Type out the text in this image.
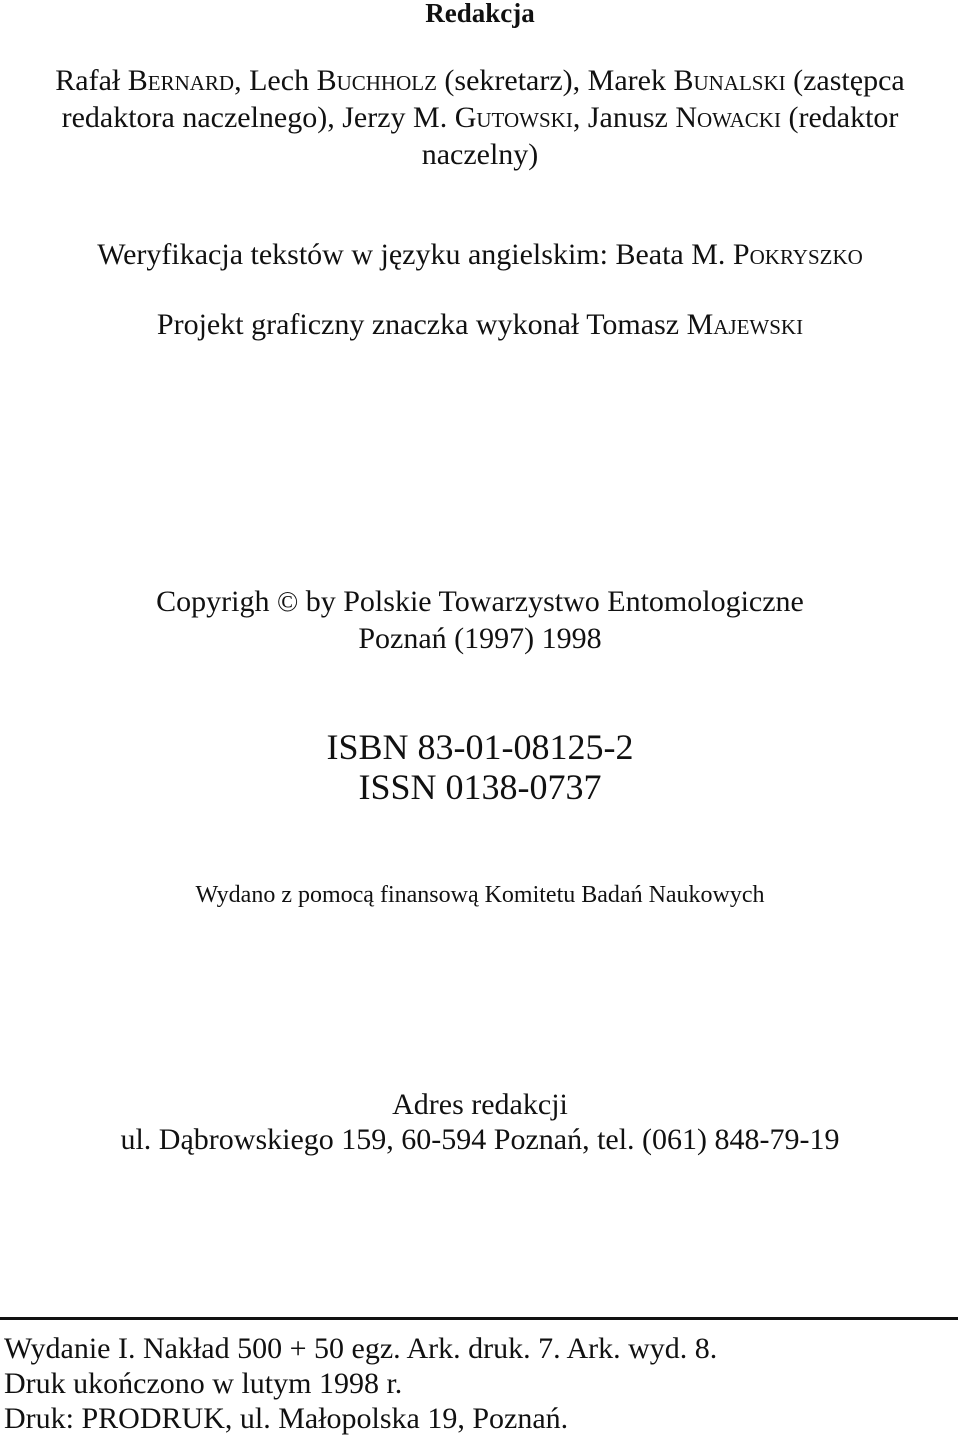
Redakcja

Rafał Bernard, Lech Buchholz (sekretarz), Marek Bunalski (zastępca redaktora naczelnego), Jerzy M. Gutowski, Janusz Nowacki (redaktor naczelny)

Weryfikacja tekstów w języku angielskim: Beata M. Pokryszko

Projekt graficzny znaczka wykonał Tomasz Majewski

Copyrigh © by Polskie Towarzystwo Entomologiczne
Poznań (1997) 1998
ISBN 83-01-08125-2
ISSN 0138-0737

Wydano z pomocą finansową Komitetu Badań Naukowych

Adres redakcji
ul. Dąbrowskiego 159, 60-594 Poznań, tel. (061) 848-79-19
Wydanie I. Nakład 500 + 50 egz. Ark. druk. 7. Ark. wyd. 8.
Druk ukończono w lutym 1998 r.
Druk: PRODRUK, ul. Małopolska 19, Poznań.
